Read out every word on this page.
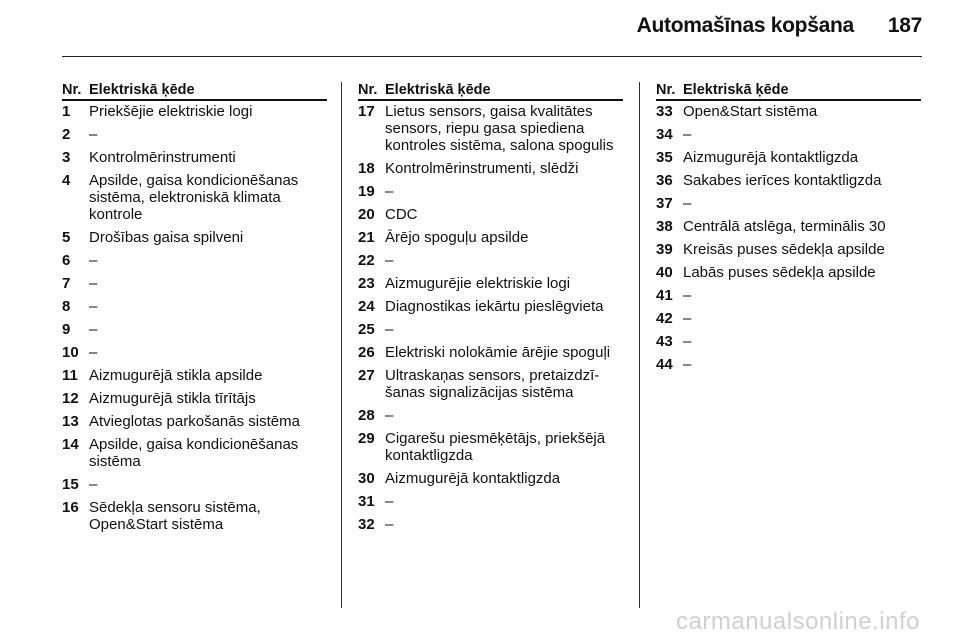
Automašīnas kopšana 187
Nr. Elektriskā ķēde
1	Priekšējie elektriskie logi
2	–
3	Kontrolmērinstrumenti
4	Apsilde, gaisa kondicionēšanas sistēma, elektroniskā klimata kontrole
5	Drošības gaisa spilveni
6	–
7	–
8	–
9	–
10 –
11 Aizmugurējā stikla apsilde
12 Aizmugurējā stikla tīrītājs
13 Atvieglotas parkošanās sistēma
14 Apsilde, gaisa kondicionēšanas sistēma
15 –
16 Sēdekļa sensoru sistēma, Open&Start sistēma
Nr. Elektriskā ķēde
17 Lietus sensors, gaisa kvalitātes sensors, riepu gasa spiediena kontroles sistēma, salona spogulis
18 Kontrolmērinstrumenti, slēdži
19 –
20 CDC
21 Ārējo spoguļu apsilde
22 –
23 Aizmugurējie elektriskie logi
24 Diagnostikas iekārtu pieslēgvieta
25 –
26 Elektriski nolokāmie ārējie spoguļi
27 Ultraskaņas sensors, pretaizdzī-šanas signalizācijas sistēma
28 –
29 Cigarešu piesmēķētājs, priekšējā kontaktligzda
30 Aizmugurējā kontaktligzda
31 –
32 –
Nr. Elektriskā ķēde
33 Open&Start sistēma
34 –
35 Aizmugurējā kontaktligzda
36 Sakabes ierīces kontaktligzda
37 –
38 Centrālā atslēga, terminālis 30
39 Kreisās puses sēdekļa apsilde
40 Labās puses sēdekļa apsilde
41 –
42 –
43 –
44 –
carmanualsonline.info
